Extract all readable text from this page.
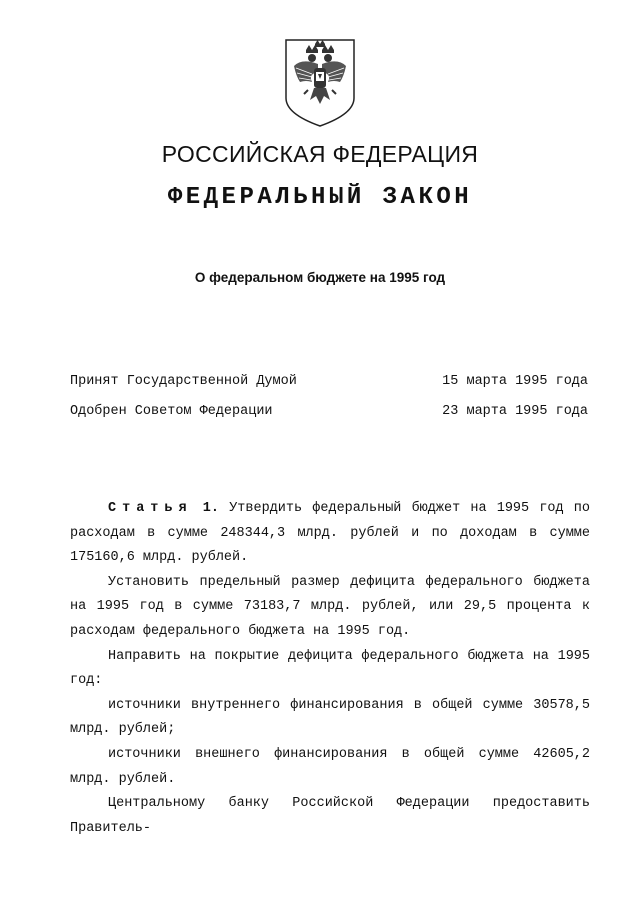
РОССИЙСКАЯ ФЕДЕРАЦИЯ
ФЕДЕРАЛЬНЫЙ ЗАКОН
О федеральном бюджете на 1995 год
Принят Государственной Думой	15 марта 1995 года
Одобрен Советом Федерации	23 марта 1995 года

Статья 1. Утвердить федеральный бюджет на 1995 год по расходам в сумме 248344,3 млрд. рублей и по доходам в сумме 175160,6 млрд. рублей.

Установить предельный размер дефицита федерального бюджета на 1995 год в сумме 73183,7 млрд. рублей, или 29,5 процента к расходам федерального бюджета на 1995 год.

Направить на покрытие дефицита федерального бюджета на 1995 год:

источники внутреннего финансирования в общей сумме 30578,5 млрд. рублей;

источники внешнего финансирования в общей сумме 42605,2 млрд. рублей.

Центральному банку Российской Федерации предоставить Правитель-
